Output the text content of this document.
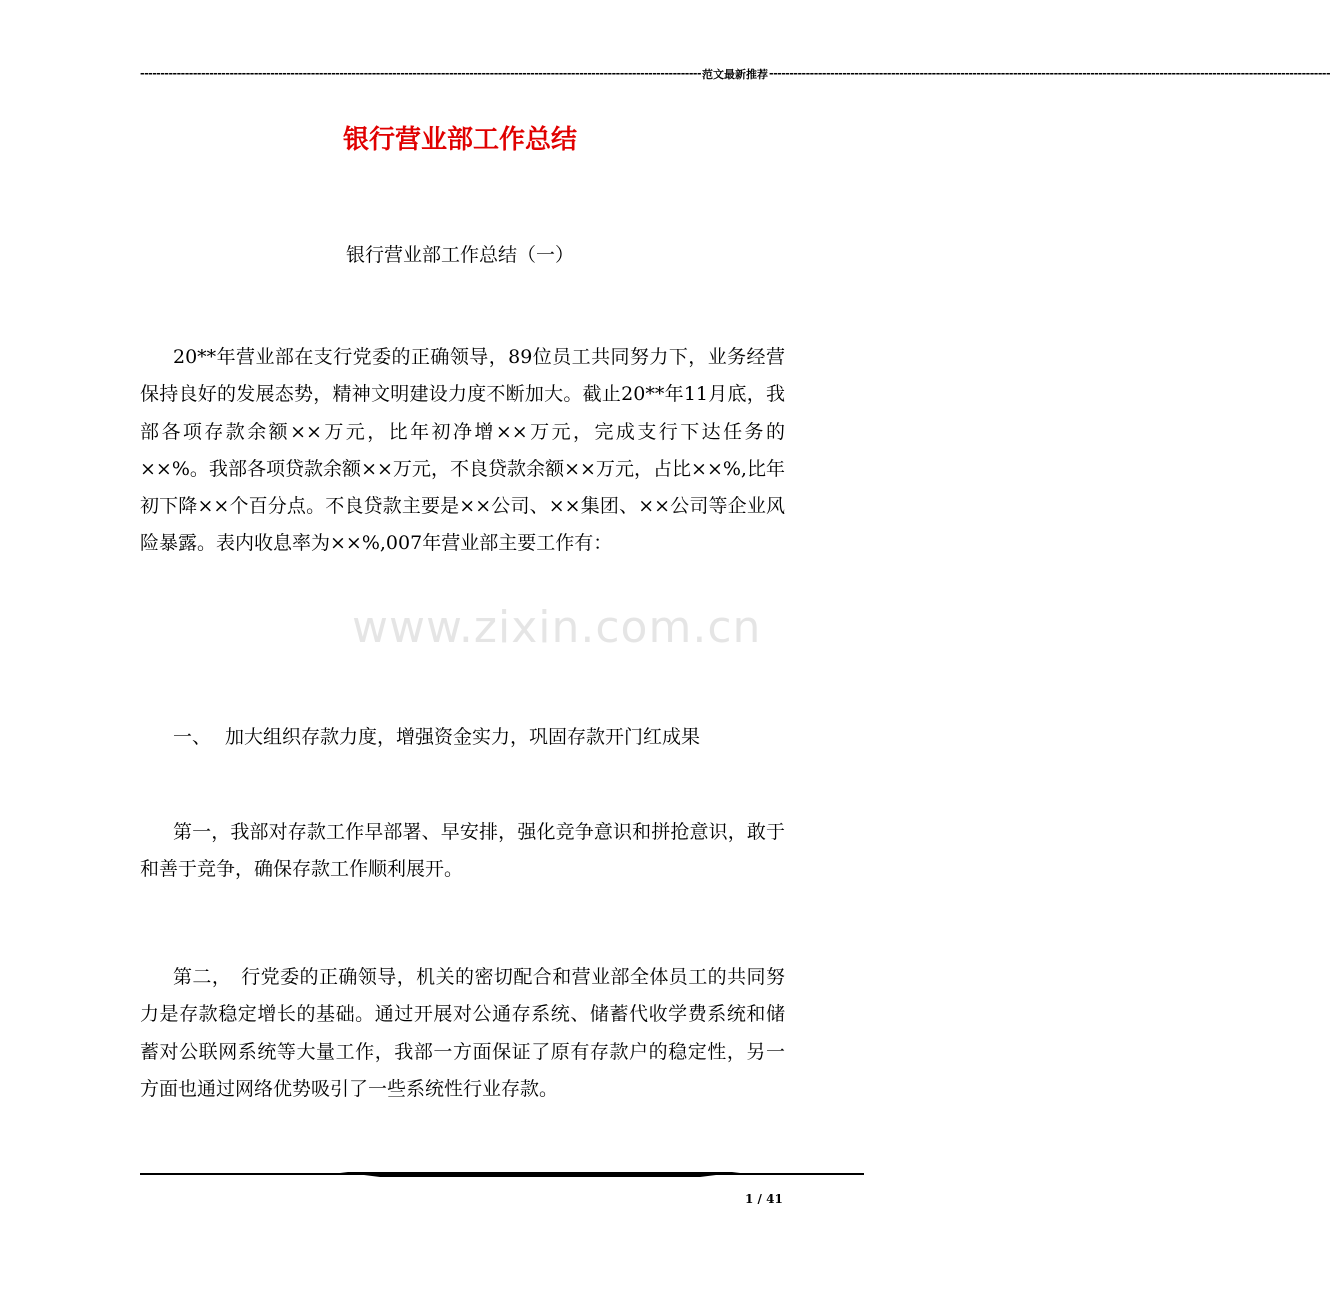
------------------------------------------------------------------------------------------------------------------------------------------ 范文最新推荐 ------------------------------------------------------------------------------------------------------------------------------------------
银行营业部工作总结
银行营业部工作总结（一）

20**年营业部在支行党委的正确领导，89位员工共同努力下，业务经营保持良好的发展态势，精神文明建设力度不断加大。截止20**年11月底，我部各项存款余额××万元，比年初净增××万元，完成支行下达任务的××%。我部各项贷款余额××万元，不良贷款余额××万元，占比××%,比年初下降××个百分点。不良贷款主要是××公司、××集团、××公司等企业风险暴露。表内收息率为××%,007年营业部主要工作有：

www.zixin.com.cn

一、 加大组织存款力度，增强资金实力，巩固存款开门红成果

第一，我部对存款工作早部署、早安排，强化竞争意识和拼抢意识，敢于和善于竞争，确保存款工作顺利展开。

第二，　行党委的正确领导，机关的密切配合和营业部全体员工的共同努力是存款稳定增长的基础。通过开展对公通存系统、储蓄代收学费系统和储蓄对公联网系统等大量工作，我部一方面保证了原有存款户的稳定性，另一方面也通过网络优势吸引了一些系统性行业存款。

1 / 41
